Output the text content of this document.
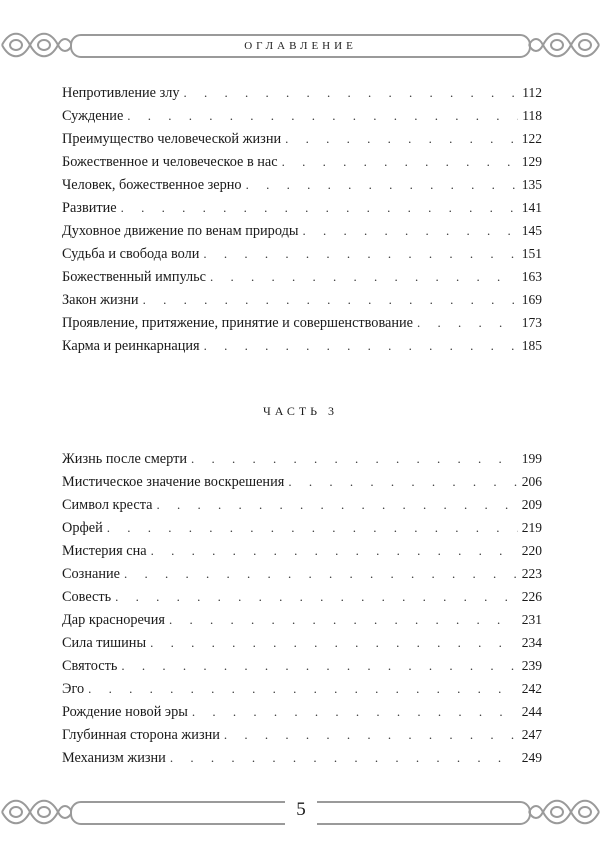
ОГЛАВЛЕНИЕ
Непротивление злу . . .	112
Суждение . . .	118
Преимущество человеческой жизни . . .	122
Божественное и человеческое в нас . . .	129
Человек, божественное зерно . . .	135
Развитие . . .	141
Духовное движение по венам природы . . .	145
Судьба и свобода воли . . .	151
Божественный импульс . . .	163
Закон жизни . . .	169
Проявление, притяжение, принятие и совершенствование . . .	173
Карма и реинкарнация . . .	185
ЧАСТЬ 3
Жизнь после смерти . . .	199
Мистическое значение воскрешения . . .	206
Символ креста . . .	209
Орфей . . .	219
Мистерия сна . . .	220
Сознание . . .	223
Совесть . . .	226
Дар красноречия . . .	231
Сила тишины . . .	234
Святость . . .	239
Эго . . .	242
Рождение новой эры . . .	244
Глубинная сторона жизни . . .	247
Механизм жизни . . .	249
5
